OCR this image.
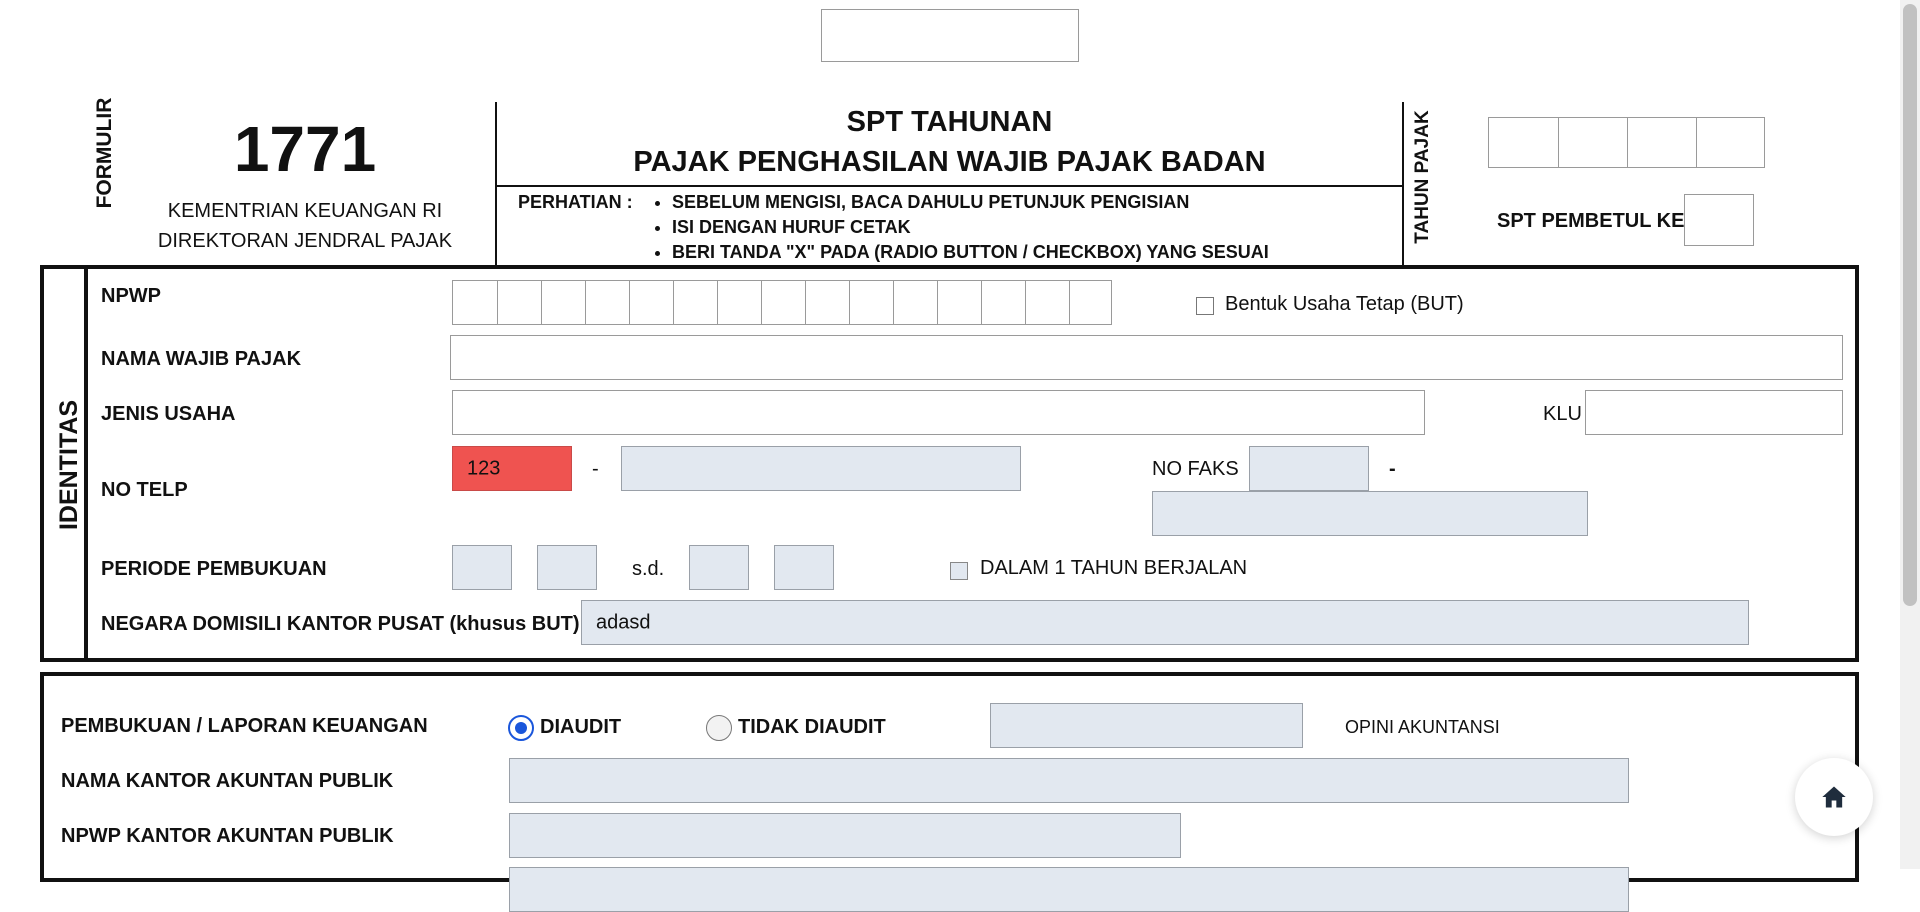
FORMULIR	1771
KEMENTRIAN KEUANGAN RI
DIREKTORAN JENDRAL PAJAK
SPT TAHUNAN
PAJAK PENGHASILAN WAJIB PAJAK BADAN
PERHATIAN :
• SEBELUM MENGISI, BACA DAHULU PETUNJUK PENGISIAN
• ISI DENGAN HURUF CETAK
• BERI TANDA "X" PADA (RADIO BUTTON / CHECKBOX) YANG SESUAI
TAHUN PAJAK	SPT PEMBETUL KE
IDENTITAS
NPWP	Bentuk Usaha Tetap (BUT)
NAMA WAJIB PAJAK
JENIS USAHA	KLU
NO TELP
123	-	NO FAKS	-
PERIODE PEMBUKUAN	s.d.	DALAM 1 TAHUN BERJALAN
NEGARA DOMISILI KANTOR PUSAT (khusus BUT) adasd
PEMBUKUAN / LAPORAN KEUANGAN	DIAUDIT	TIDAK DIAUDIT	OPINI AKUNTANSI
NAMA KANTOR AKUNTAN PUBLIK
NPWP KANTOR AKUNTAN PUBLIK
